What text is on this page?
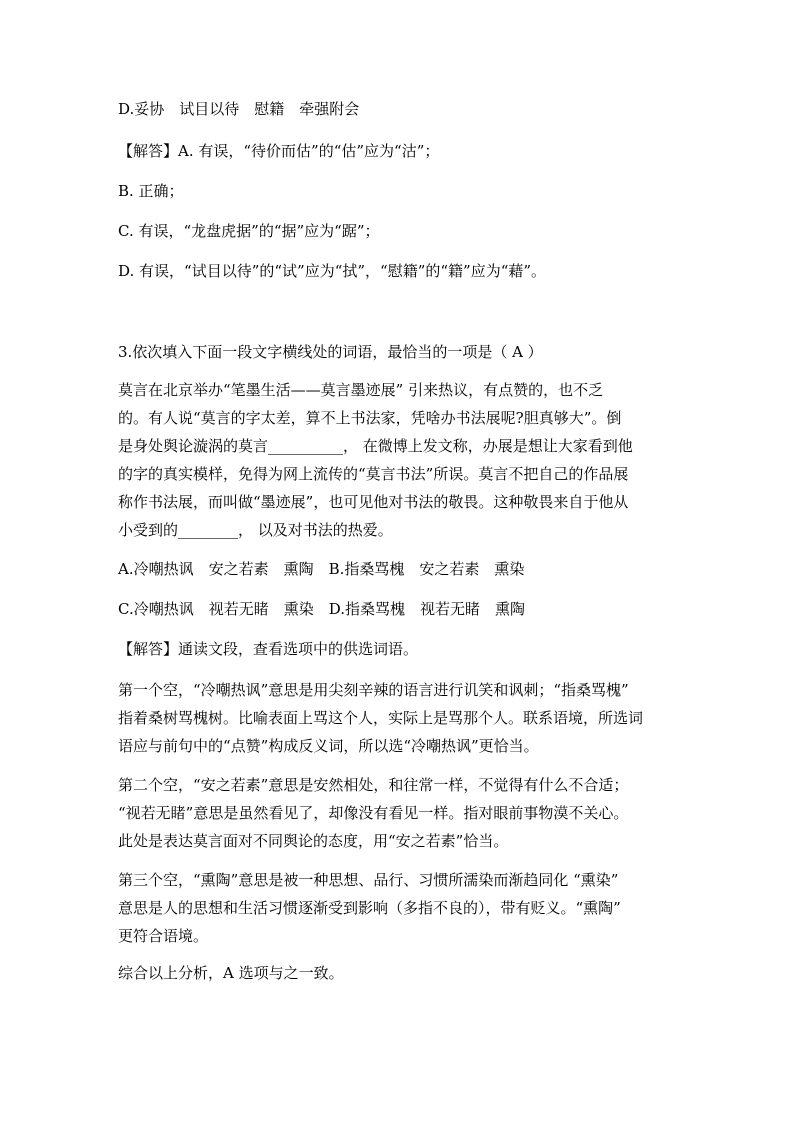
D.妥协　试目以待　慰籍　牵强附会
【解答】A. 有误，“待价而估”的“估”应为“沽”；
B. 正确；
C. 有误，“龙盘虎据”的“据”应为“踞”；
D. 有误，“试目以待”的“试”应为“拭”，“慰籍”的“籍”应为“藉”。
3.依次填入下面一段文字横线处的词语，最恰当的一项是（ A ）
莫言在北京举办“笔墨生活——莫言墨迹展” 引来热议，有点赞的，也不乏
的。有人说“莫言的字太差，算不上书法家，凭啥办书法展呢?胆真够大”。倒
是身处舆论漩涡的莫言__________， 在微博上发文称，办展是想让大家看到他
的字的真实模样，免得为网上流传的“莫言书法”所误。莫言不把自己的作品展
称作书法展，而叫做“墨迹展”，也可见他对书法的敬畏。这种敬畏来自于他从
小受到的________， 以及对书法的热爱。
A.冷嘲热讽　安之若素　熏陶　B.指桑骂槐　安之若素　熏染
C.冷嘲热讽　视若无睹　熏染　D.指桑骂槐　视若无睹　熏陶
【解答】通读文段，查看选项中的供选词语。
第一个空，“冷嘲热讽”意思是用尖刻辛辣的语言进行讥笑和讽刺；“指桑骂槐”
指着桑树骂槐树。比喻表面上骂这个人，实际上是骂那个人。联系语境，所选词
语应与前句中的“点赞”构成反义词，所以选“冷嘲热讽”更恰当。
第二个空，“安之若素”意思是安然相处，和往常一样，不觉得有什么不合适；
“视若无睹”意思是虽然看见了，却像没有看见一样。指对眼前事物漠不关心。
此处是表达莫言面对不同舆论的态度，用“安之若素”恰当。
第三个空，“熏陶”意思是被一种思想、品行、习惯所濡染而渐趋同化 “熏染”
意思是人的思想和生活习惯逐渐受到影响（多指不良的），带有贬义。“熏陶”
更符合语境。
综合以上分析，A 选项与之一致。
